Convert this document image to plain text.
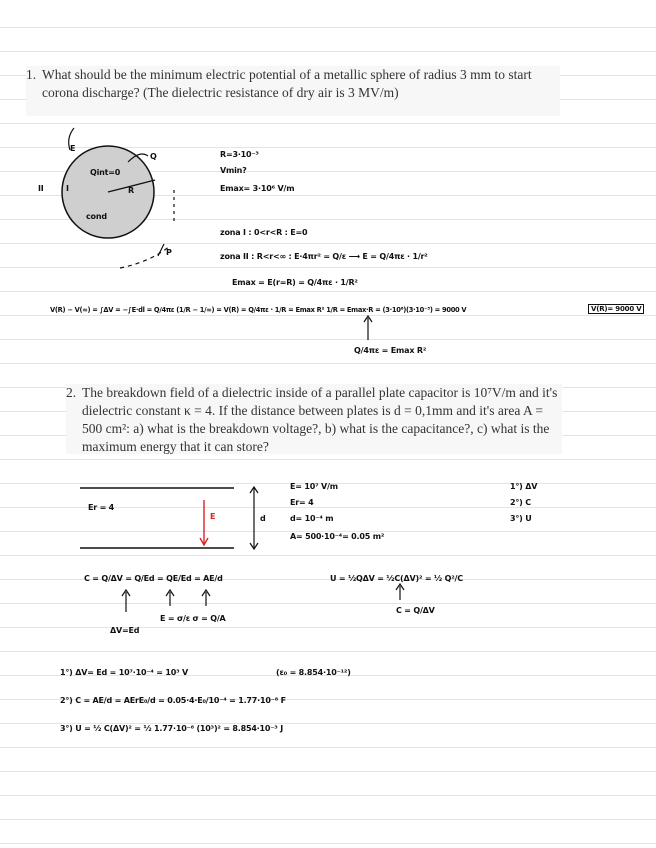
1. What should be the minimum electric potential of a metallic sphere of radius 3 mm to start corona discharge? (The dielectric resistance of dry air is 3 MV/m)
E
Q
Qint=0
I
II	R
cond
P
R=3·10⁻³
Vmin?
Emax= 3·10⁶ V/m
zona I : 0<r<R : E=0
zona II : R<r<∞ : E·4πr² = Q/ε ⟶ E = Q/4πε · 1/r²
Emax = E(r=R) = Q/4πε · 1/R²
V(R) − V(∞) = ∫ΔV = −∫E·dl = Q/4πε (1/R − 1/∞) = V(R) = Q/4πε · 1/R = Emax R² 1/R = Emax·R = (3·10⁶)(3·10⁻³) = 9000 V	V(R)= 9000 V
Q/4πε = Emax R²
2. The breakdown field of a dielectric inside of a parallel plate capacitor is 10⁷V/m and it's dielectric constant κ = 4. If the distance between plates is d = 0,1mm and it's area A = 500 cm²: a) what is the breakdown voltage?, b) what is the capacitance?, c) what is the maximum energy that it can store?
Er = 4
E	d
E= 10⁷ V/m
Er= 4
d= 10⁻⁴ m
A= 500·10⁻⁴= 0.05 m²
1°) ΔV
2°) C
3°) U
C = Q/ΔV = Q/Ed = QE/Ed = AE/d
ΔV=Ed
E = σ/ε σ = Q/A
U = ½QΔV = ½C(ΔV)² = ½ Q²/C
C = Q/ΔV
1°) ΔV= Ed = 10⁷·10⁻⁴ = 10³ V	(ε₀ = 8.854·10⁻¹²)
2°) C = AE/d = AErE₀/d = 0.05·4·E₀/10⁻⁴ = 1.77·10⁻⁸ F
3°) U = ½ C(ΔV)² = ½ 1.77·10⁻⁸ (10³)² = 8.854·10⁻³ J
